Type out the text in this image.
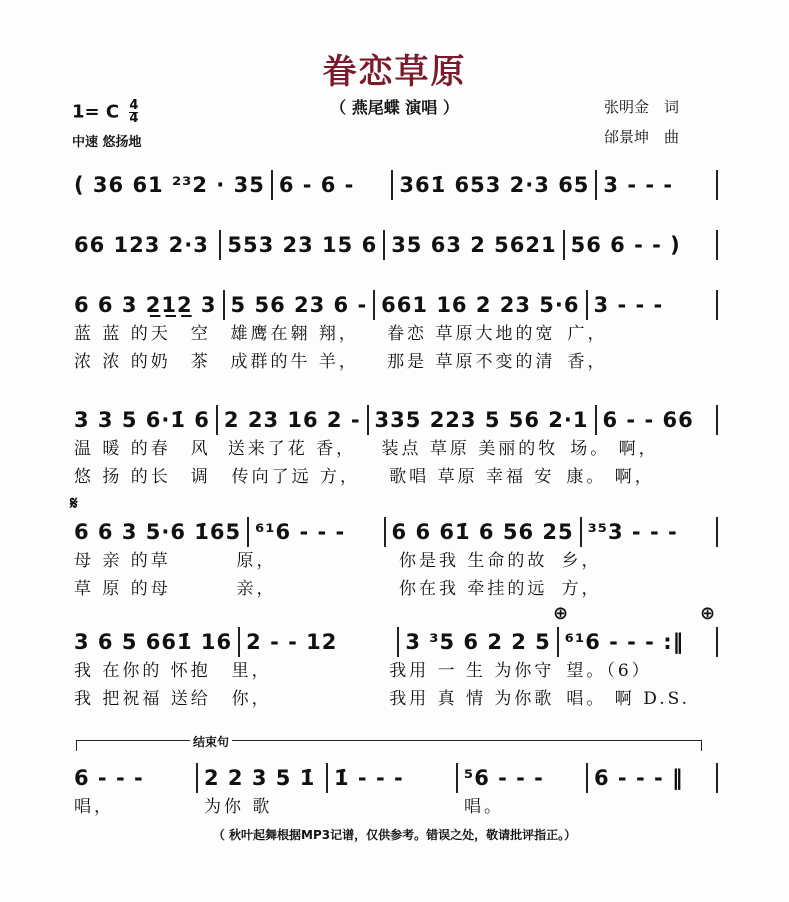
眷恋草原
（ 燕尾蝶 演唱 ）
1= C $\frac{4}{4}$
中速 悠扬地
张明金　词
邰景坤　曲
( 36 61 ²³2 · 35 6 - 6 -	361̇ 653 2·3 65 3 - - -
66 123 2·3 553 23 15 6 35 63 2 5621 56 6 - - )
6 6 3 2̲1̲2̲ 3 5 56 23 6 - 661 16 2 23 5·6 3 - - -
蓝 蓝 的天　空	雄鹰在翱 翔，	眷恋 草原大地的宽 广，
浓 浓 的奶　茶	成群的牛 羊，	那是 草原不变的清 香，
3 3 5 6·1̇ 6 2 23 16 2 - 335 223 5 56 2·1 6 - - 66
温 暖 的春　风 送来了花 香，	装点 草原 美丽的牧 场。 啊，
悠 扬 的长　调	传向了远 方，	歌唱 草原 幸福 安 康。 啊，
𝄋
6 6 3 5·6 1̇65 ⁶¹6 - - -	6 6 61̇ 6 56 25 ³⁵3 - - -
母 亲 的草	原，	你是我 生命的故 乡，
草 原 的母	亲，	你在我 牵挂的远 方，
⊕	⊕
3 6 5 661̇ 16 2 - - 12	3 ³5 6 2 2 5 ⁶¹6 - - - :‖
我 在你的 怀抱	里，	我用 一 生 为你守 望。（6）
我 把祝福 送给	你，	我用 真 情 为你歌 唱。 啊 D.S.
6 - - -	2 2 3 5 1̇ 1̇ - - -	⁵6 - - -	6 - - - ‖
唱，	为你 歌	唱。
结束句
（ 秋叶起舞根据MP3记谱，仅供参考。错误之处，敬请批评指正。）
